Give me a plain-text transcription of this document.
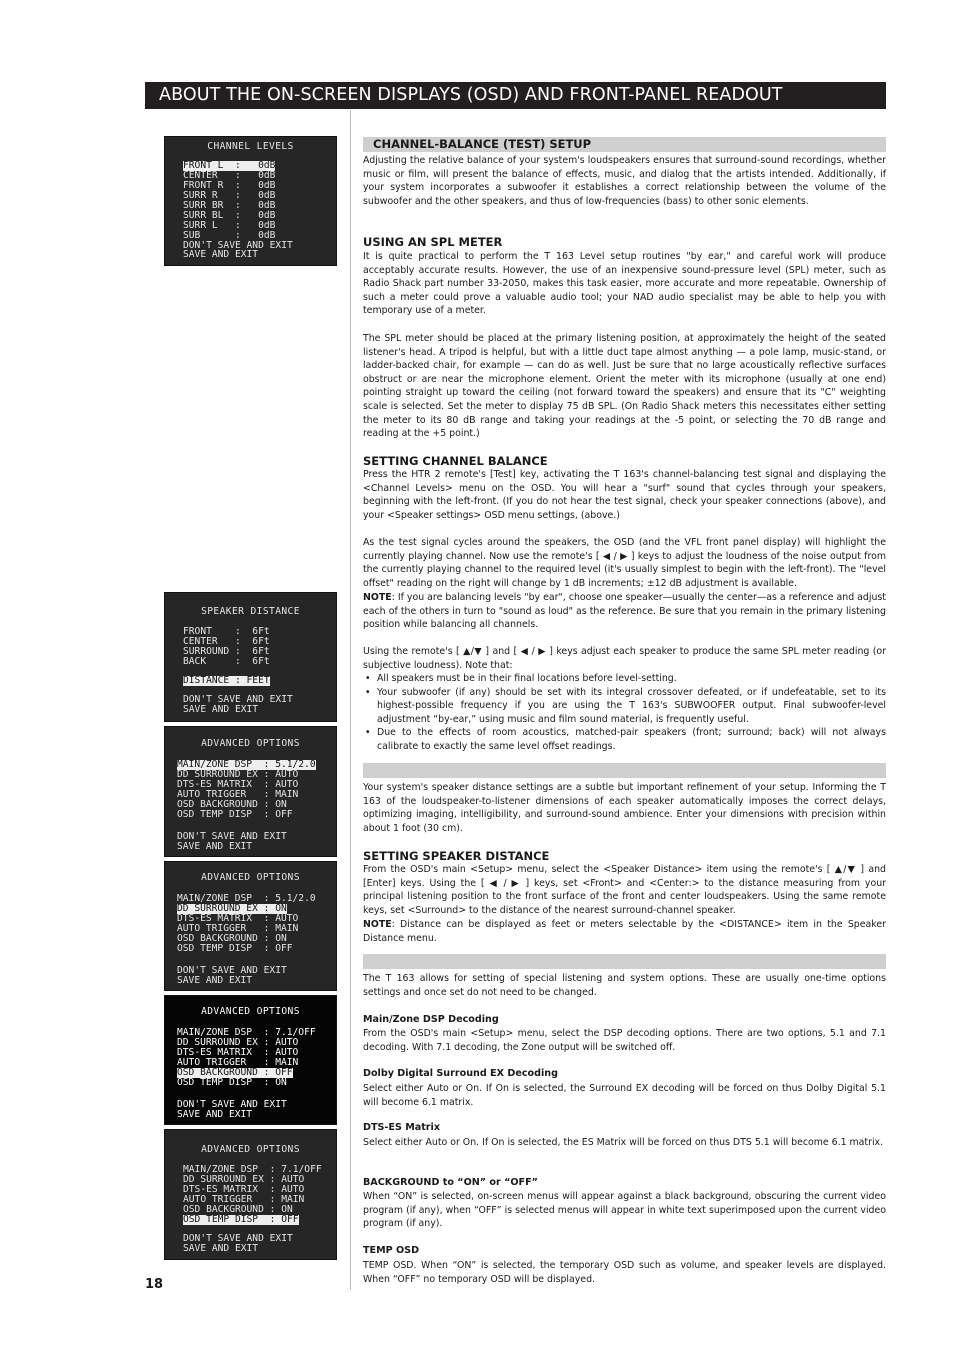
ABOUT THE ON-SCREEN DISPLAYS (OSD) AND FRONT-PANEL READOUT
18
CHANNEL LEVELS
FRONT L  :   0dB
CENTER   :   0dB
FRONT R  :   0dB
SURR R   :   0dB
SURR BR  :   0dB
SURR BL  :   0dB
SURR L   :   0dB
SUB      :   0dB
DON'T SAVE AND EXIT
SAVE AND EXIT
SPEAKER DISTANCE
FRONT    :  6Ft
CENTER   :  6Ft
SURROUND :  6Ft
BACK     :  6Ft
DISTANCE : FEET
DON'T SAVE AND EXIT
SAVE AND EXIT
ADVANCED OPTIONS
MAIN/ZONE DSP  : 5.1/2.0
DD SURROUND EX : AUTO
DTS-ES MATRIX  : AUTO
AUTO TRIGGER   : MAIN
OSD BACKGROUND : ON
OSD TEMP DISP  : OFF
DON'T SAVE AND EXIT
SAVE AND EXIT
ADVANCED OPTIONS
MAIN/ZONE DSP  : 5.1/2.0
DD SURROUND EX : ON
DTS-ES MATRIX  : AUTO
AUTO TRIGGER   : MAIN
OSD BACKGROUND : ON
OSD TEMP DISP  : OFF
DON'T SAVE AND EXIT
SAVE AND EXIT
ADVANCED OPTIONS
MAIN/ZONE DSP  : 7.1/OFF
DD SURROUND EX : AUTO
DTS-ES MATRIX  : AUTO
AUTO TRIGGER   : MAIN
OSD BACKGROUND : OFF
OSD TEMP DISP  : ON
DON'T SAVE AND EXIT
SAVE AND EXIT
ADVANCED OPTIONS
MAIN/ZONE DSP  : 7.1/OFF
DD SURROUND EX : AUTO
DTS-ES MATRIX  : AUTO
AUTO TRIGGER   : MAIN
OSD BACKGROUND : ON
OSD TEMP DISP  : OFF
DON'T SAVE AND EXIT
SAVE AND EXIT
CHANNEL-BALANCE (TEST) SETUP

Adjusting the relative balance of your system's loudspeakers ensures that surround-sound recordings, whether music or film, will present the balance of effects, music, and dialog that the artists intended. Additionally, if your system incorporates a subwoofer it establishes a correct relationship between the volume of the subwoofer and the other speakers, and thus of low-frequencies (bass) to other sonic elements.

USING AN SPL METER

It is quite practical to perform the T 163 Level setup routines "by ear," and careful work will produce acceptably accurate results. However, the use of an inexpensive sound-pressure level (SPL) meter, such as Radio Shack part number 33-2050, makes this task easier, more accurate and more repeatable. Ownership of such a meter could prove a valuable audio tool; your NAD audio specialist may be able to help you with temporary use of a meter.

The SPL meter should be placed at the primary listening position, at approximately the height of the seated listener's head. A tripod is helpful, but with a little duct tape almost anything — a pole lamp, music-stand, or ladder-backed chair, for example — can do as well. Just be sure that no large acoustically reflective surfaces obstruct or are near the microphone element. Orient the meter with its microphone (usually at one end) pointing straight up toward the ceiling (not forward toward the speakers) and ensure that its "C" weighting scale is selected. Set the meter to display 75 dB SPL. (On Radio Shack meters this necessitates either setting the meter to its 80 dB range and taking your readings at the -5 point, or selecting the 70 dB range and reading at the +5 point.)

SETTING CHANNEL BALANCE

Press the HTR 2 remote's [Test] key, activating the T 163's channel-balancing test signal and displaying the <Channel Levels> menu on the OSD. You will hear a "surf" sound that cycles through your speakers, beginning with the left-front. (If you do not hear the test signal, check your speaker connections (above), and your <Speaker settings> OSD menu settings, (above.)

As the test signal cycles around the speakers, the OSD (and the VFL front panel display) will highlight the currently playing channel. Now use the remote's [ ◀ / ▶ ] keys to adjust the loudness of the noise output from the currently playing channel to the required level (it's usually simplest to begin with the left-front). The "level offset" reading on the right will change by 1 dB increments; ±12 dB adjustment is available.

NOTE: If you are balancing levels "by ear", choose one speaker—usually the center—as a reference and adjust each of the others in turn to "sound as loud" as the reference. Be sure that you remain in the primary listening position while balancing all channels.

Using the remote's [ ▲/▼ ] and [ ◀ / ▶ ] keys adjust each speaker to produce the same SPL meter reading (or subjective loudness). Note that:

• All speakers must be in their final locations before level-setting.
• Your subwoofer (if any) should be set with its integral crossover defeated, or if undefeatable, set to its highest-possible frequency if you are using the T 163's SUBWOOFER output. Final subwoofer-level adjustment “by-ear,” using music and film sound material, is frequently useful.
• Due to the effects of room acoustics, matched-pair speakers (front; surround; back) will not always calibrate to exactly the same level offset readings.

Your system's speaker distance settings are a subtle but important refinement of your setup. Informing the T 163 of the loudspeaker-to-listener dimensions of each speaker automatically imposes the correct delays, optimizing imaging, intelligibility, and surround-sound ambience. Enter your dimensions with precision within about 1 foot (30 cm).

SETTING SPEAKER DISTANCE

From the OSD's main <Setup> menu, select the <Speaker Distance> item using the remote's [ ▲/▼ ] and [Enter] keys. Using the [ ◀ / ▶ ] keys, set <Front> and <Center:> to the distance measuring from your principal listening position to the front surface of the front and center loudspeakers. Using the same remote keys, set <Surround> to the distance of the nearest surround-channel speaker.

NOTE: Distance can be displayed as feet or meters selectable by the <DISTANCE> item in the Speaker Distance menu.

The T 163 allows for setting of special listening and system options. These are usually one-time options settings and once set do not need to be changed.

Main/Zone DSP Decoding

From the OSD's main <Setup> menu, select the DSP decoding options. There are two options, 5.1 and 7.1 decoding. With 7.1 decoding, the Zone output will be switched off.

Dolby Digital Surround EX Decoding

Select either Auto or On. If On is selected, the Surround EX decoding will be forced on thus Dolby Digital 5.1 will become 6.1 matrix.

DTS-ES Matrix

Select either Auto or On. If On is selected, the ES Matrix will be forced on thus DTS 5.1 will become 6.1 matrix.

BACKGROUND to “ON” or “OFF”

When “ON” is selected, on-screen menus will appear against a black background, obscuring the current video program (if any), when “OFF” is selected menus will appear in white text superimposed upon the current video program (if any).

TEMP OSD

TEMP OSD. When “ON” is selected, the temporary OSD such as volume, and speaker levels are displayed. When “OFF” no temporary OSD will be displayed.
